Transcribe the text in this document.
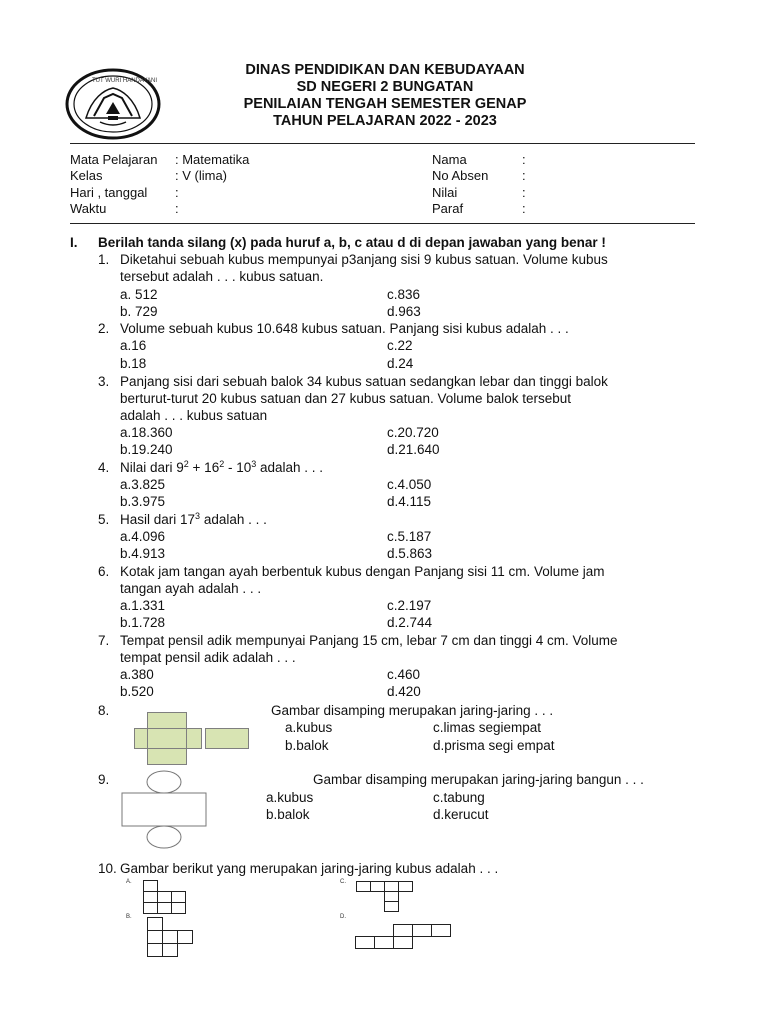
TUT WURI HANDAYANI
DINAS PENDIDIKAN DAN KEBUDAYAAN
SD NEGERI 2 BUNGATAN
PENILAIAN TENGAH SEMESTER GENAP
TAHUN PELAJARAN 2022 - 2023
Mata Pelajaran : Matematika
Kelas	: V (lima)
Hari , tanggal :
Waktu	:
Nama	:
No Absen	:
Nilai	:
Paraf	:
I. Berilah tanda silang (x) pada huruf a, b, c atau d di depan jawaban yang benar !
1. Diketahui sebuah kubus mempunyai p3anjang sisi 9 kubus satuan. Volume kubus
tersebut adalah . . . kubus satuan.
a. 512	c.836
b. 729	d.963
2. Volume sebuah kubus 10.648 kubus satuan. Panjang sisi kubus adalah . . .
a.16	c.22
b.18	d.24
3. Panjang sisi dari sebuah balok 34 kubus satuan sedangkan lebar dan tinggi balok
berturut-turut 20 kubus satuan dan 27 kubus satuan. Volume balok tersebut
adalah . . . kubus satuan
a.18.360	c.20.720
b.19.240	d.21.640
4. Nilai dari $9^2 + 16^2 - 10^3$ adalah . . .
a.3.825	c.4.050
b.3.975	d.4.115
5. Hasil dari $17^3$ adalah . . .
a.4.096	c.5.187
b.4.913	d.5.863
6. Kotak jam tangan ayah berbentuk kubus dengan Panjang sisi 11 cm. Volume jam
tangan ayah adalah . . .
a.1.331	c.2.197
b.1.728	d.2.744
7. Tempat pensil adik mempunyai Panjang 15 cm, lebar 7 cm dan tinggi 4 cm. Volume
tempat pensil adik adalah . . .
a.380	c.460
b.520	d.420
8.	Gambar disamping merupakan jaring-jaring . . .
a.kubus	c.limas segiempat
b.balok	d.prisma segi empat
9.	Gambar disamping merupakan jaring-jaring bangun . . .
a.kubus	c.tabung
b.balok	d.kerucut
10. Gambar berikut yang merupakan jaring-jaring kubus adalah . . .
A.
B.
C.
D.
